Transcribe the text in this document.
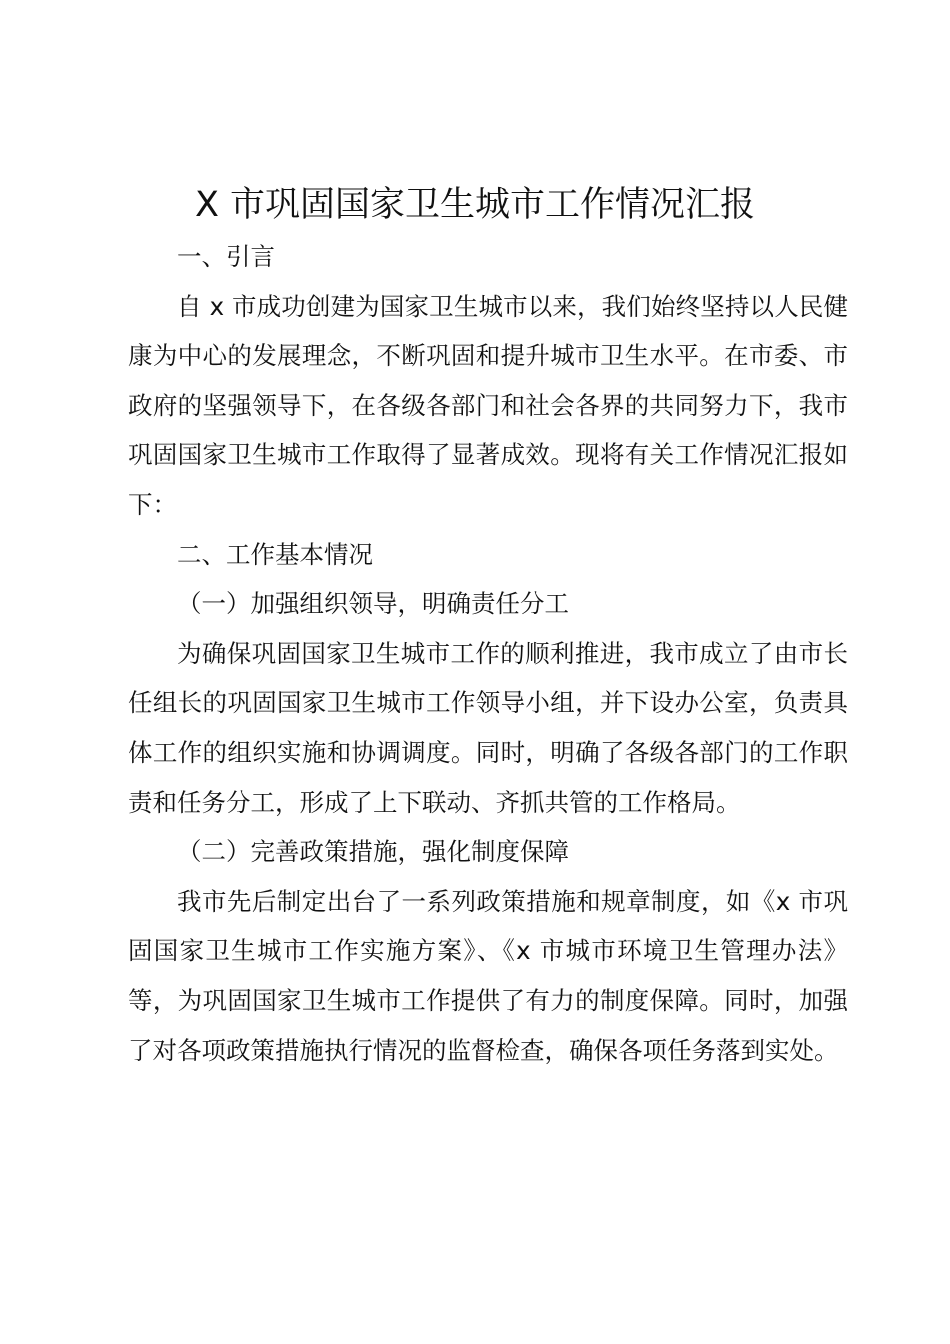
X 市巩固国家卫生城市工作情况汇报

一、引言

自 x 市成功创建为国家卫生城市以来，我们始终坚持以人民健康为中心的发展理念，不断巩固和提升城市卫生水平。在市委、市政府的坚强领导下，在各级各部门和社会各界的共同努力下，我市巩固国家卫生城市工作取得了显著成效。现将有关工作情况汇报如下：

二、工作基本情况

（一）加强组织领导，明确责任分工

为确保巩固国家卫生城市工作的顺利推进，我市成立了由市长任组长的巩固国家卫生城市工作领导小组，并下设办公室，负责具体工作的组织实施和协调调度。同时，明确了各级各部门的工作职责和任务分工，形成了上下联动、齐抓共管的工作格局。

（二）完善政策措施，强化制度保障

我市先后制定出台了一系列政策措施和规章制度，如《x 市巩固国家卫生城市工作实施方案》、《x 市城市环境卫生管理办法》等，为巩固国家卫生城市工作提供了有力的制度保障。同时，加强了对各项政策措施执行情况的监督检查，确保各项任务落到实处。
